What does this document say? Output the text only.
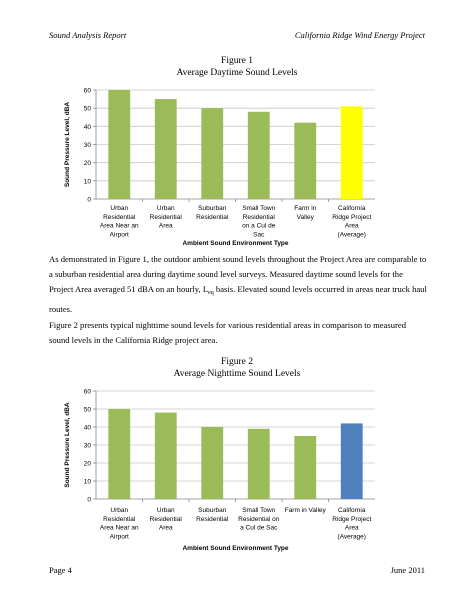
Sound Analysis Report	California Ridge Wind Energy Project
Figure 1
Average Daytime Sound Levels
0
10
20
30
40
50
60
Urban Residential Area Near an Airport
Urban Residential Area
Suburban Residential
Small Town Residential on a Cul de Sac
Farm in Valley
California Ridge Project Area (Average)
Ambient Sound Environment Type
Sound Pressure Level, dBA

As demonstrated in Figure 1, the outdoor ambient sound levels throughout the Project Area are comparable to a suburban residential area during daytime sound level surveys. Measured daytime sound levels for the Project Area averaged 51 dBA on an hourly, $L_{eq}$ basis. Elevated sound levels occurred in areas near truck haul routes.

Figure 2 presents typical nighttime sound levels for various residential areas in comparison to measured sound levels in the California Ridge project area.

Figure 2
Average Nighttime Sound Levels
0
10
20
30
40
50
60
Urban Residential Area Near an Airport
Urban Residential Area
Suburban Residential
Small Town Residential on a Cul de Sac
Farm in Valley	California Ridge Project Area (Average)
Ambient Sound Environment Type
Sound Pressure Level, dBA
Page 4	June 2011
